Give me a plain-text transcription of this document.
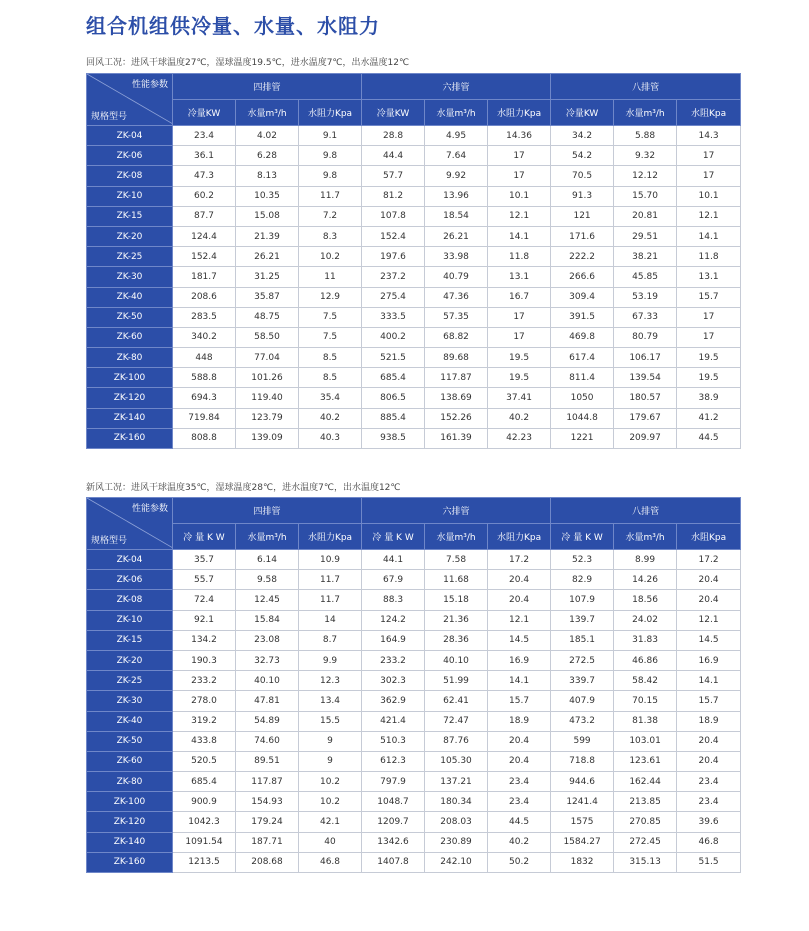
组合机组供冷量、水量、水阻力
回风工况：进风干球温度27℃，湿球温度19.5℃，进水温度7℃，出水温度12℃
性能参数
规格型号	四排管			六排管			八排管		
	冷量KW	水量m³/h	水阻力Kpa	冷量KW	水量m³/h	水阻力Kpa	冷量KW	水量m³/h	水阻Kpa
ZK-04	23.4	4.02	9.1	28.8	4.95	14.36	34.2	5.88	14.3
ZK-06	36.1	6.28	9.8	44.4	7.64	17	54.2	9.32	17
ZK-08	47.3	8.13	9.8	57.7	9.92	17	70.5	12.12	17
ZK-10	60.2	10.35	11.7	81.2	13.96	10.1	91.3	15.70	10.1
ZK-15	87.7	15.08	7.2	107.8	18.54	12.1	121	20.81	12.1
ZK-20	124.4	21.39	8.3	152.4	26.21	14.1	171.6	29.51	14.1
ZK-25	152.4	26.21	10.2	197.6	33.98	11.8	222.2	38.21	11.8
ZK-30	181.7	31.25	11	237.2	40.79	13.1	266.6	45.85	13.1
ZK-40	208.6	35.87	12.9	275.4	47.36	16.7	309.4	53.19	15.7
ZK-50	283.5	48.75	7.5	333.5	57.35	17	391.5	67.33	17
ZK-60	340.2	58.50	7.5	400.2	68.82	17	469.8	80.79	17
ZK-80	448	77.04	8.5	521.5	89.68	19.5	617.4	106.17	19.5
ZK-100	588.8	101.26	8.5	685.4	117.87	19.5	811.4	139.54	19.5
ZK-120	694.3	119.40	35.4	806.5	138.69	37.41	1050	180.57	38.9
ZK-140	719.84	123.79	40.2	885.4	152.26	40.2	1044.8	179.67	41.2
ZK-160	808.8	139.09	40.3	938.5	161.39	42.23	1221	209.97	44.5
新风工况：进风干球温度35℃，湿球温度28℃，进水温度7℃，出水温度12℃
性能参数
规格型号	四排管			六排管			八排管		
	冷 量 K W	水量m³/h	水阻力Kpa	冷 量 K W	水量m³/h	水阻力Kpa	冷 量 K W	水量m³/h	水阻Kpa
ZK-04	35.7	6.14	10.9	44.1	7.58	17.2	52.3	8.99	17.2
ZK-06	55.7	9.58	11.7	67.9	11.68	20.4	82.9	14.26	20.4
ZK-08	72.4	12.45	11.7	88.3	15.18	20.4	107.9	18.56	20.4
ZK-10	92.1	15.84	14	124.2	21.36	12.1	139.7	24.02	12.1
ZK-15	134.2	23.08	8.7	164.9	28.36	14.5	185.1	31.83	14.5
ZK-20	190.3	32.73	9.9	233.2	40.10	16.9	272.5	46.86	16.9
ZK-25	233.2	40.10	12.3	302.3	51.99	14.1	339.7	58.42	14.1
ZK-30	278.0	47.81	13.4	362.9	62.41	15.7	407.9	70.15	15.7
ZK-40	319.2	54.89	15.5	421.4	72.47	18.9	473.2	81.38	18.9
ZK-50	433.8	74.60	9	510.3	87.76	20.4	599	103.01	20.4
ZK-60	520.5	89.51	9	612.3	105.30	20.4	718.8	123.61	20.4
ZK-80	685.4	117.87	10.2	797.9	137.21	23.4	944.6	162.44	23.4
ZK-100	900.9	154.93	10.2	1048.7	180.34	23.4	1241.4	213.85	23.4
ZK-120	1042.3	179.24	42.1	1209.7	208.03	44.5	1575	270.85	39.6
ZK-140	1091.54	187.71	40	1342.6	230.89	40.2	1584.27	272.45	46.8
ZK-160	1213.5	208.68	46.8	1407.8	242.10	50.2	1832	315.13	51.5
